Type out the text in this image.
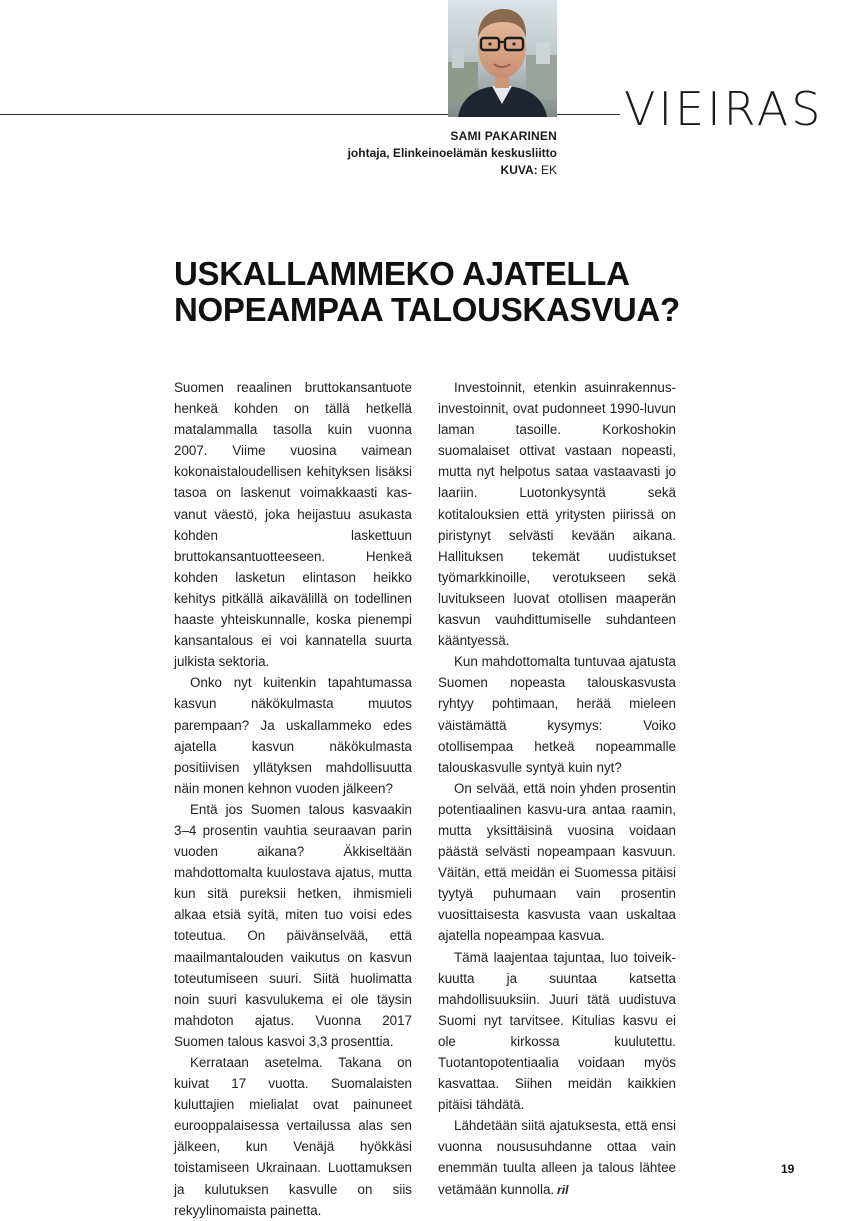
VIEIRAS
SAMI PAKARINEN
johtaja, Elinkeinoelämän keskusliitto
KUVA: EK
USKALLAMMEKO AJATELLA
NOPEAMPAA TALOUSKASVUA?

Suomen reaalinen bruttokansantuote henkeä kohden on tällä hetkellä matalammalla tasolla kuin vuonna 2007. Viime vuosina vaimean kokonaistaloudellisen kehityksen lisäksi tasoa on laskenut voimakkaasti kasvanut väestö, joka heijastuu asukasta kohden laskettuun bruttokansantuotteeseen. Henkeä kohden lasketun elintason heikko kehitys pitkällä aikavälillä on todellinen haaste yhteiskunnalle, koska pienempi kansantalous ei voi kannatella suurta julkista sektoria.

Onko nyt kuitenkin tapahtumassa kasvun näkökulmasta muutos parempaan? Ja uskallammeko edes ajatella kasvun näkökulmasta positiivisen yllätyksen mahdollisuutta näin monen kehnon vuoden jälkeen?

Entä jos Suomen talous kasvaakin 3–4 prosentin vauhtia seuraavan parin vuoden aikana? Äkkiseltään mahdottomalta kuulostava ajatus, mutta kun sitä pureksii hetken, ihmismieli alkaa etsiä syitä, miten tuo voisi edes toteutua. On päivänselvää, että maailmantalouden vaikutus on kasvun toteutumiseen suuri. Siitä huolimatta noin suuri kasvulukema ei ole täysin mahdoton ajatus. Vuonna 2017 Suomen talous kasvoi 3,3 prosenttia.

Kerrataan asetelma. Takana on kuivat 17 vuotta. Suomalaisten kuluttajien mielialat ovat painuneet eurooppalaisessa vertailussa alas sen jälkeen, kun Venäjä hyökkäsi toistamiseen Ukrainaan. Luottamuksen ja kulutuksen kasvulle on siis rekyylinomaista painetta.

Investoinnit, etenkin asuinrakennusinvestoinnit, ovat pudonneet 1990-luvun laman tasoille. Korkoshokin suomalaiset ottivat vastaan nopeasti, mutta nyt helpotus sataa vastaavasti jo laariin. Luotonkysyntä sekä kotitalouksien että yritysten piirissä on piristynyt selvästi kevään aikana. Hallituksen tekemät uudistukset työmarkkinoille, verotukseen sekä luvitukseen luovat otollisen maaperän kasvun vauhdittumiselle suhdanteen kääntyessä.

Kun mahdottomalta tuntuvaa ajatusta Suomen nopeasta talouskasvusta ryhtyy pohtimaan, herää mieleen väistämättä kysymys: Voiko otollisempaa hetkeä nopeammalle talouskasvulle syntyä kuin nyt?

On selvää, että noin yhden prosentin potentiaalinen kasvu-ura antaa raamin, mutta yksittäisinä vuosina voidaan päästä selvästi nopeampaan kasvuun. Väitän, että meidän ei Suomessa pitäisi tyytyä puhumaan vain prosentin vuosittaisesta kasvusta vaan uskaltaa ajatella nopeampaa kasvua.

Tämä laajentaa tajuntaa, luo toiveikkuutta ja suuntaa katsetta mahdollisuuksiin. Juuri tätä uudistuva Suomi nyt tarvitsee. Kitulias kasvu ei ole kirkossa kuulutettu. Tuotantopotentiaalia voidaan myös kasvattaa. Siihen meidän kaikkien pitäisi tähdätä.

Lähdetään siitä ajatuksesta, että ensi vuonna noususuhdanne ottaa vain enemmän tuulta alleen ja talous lähtee vetämään kunnolla. ril

19
